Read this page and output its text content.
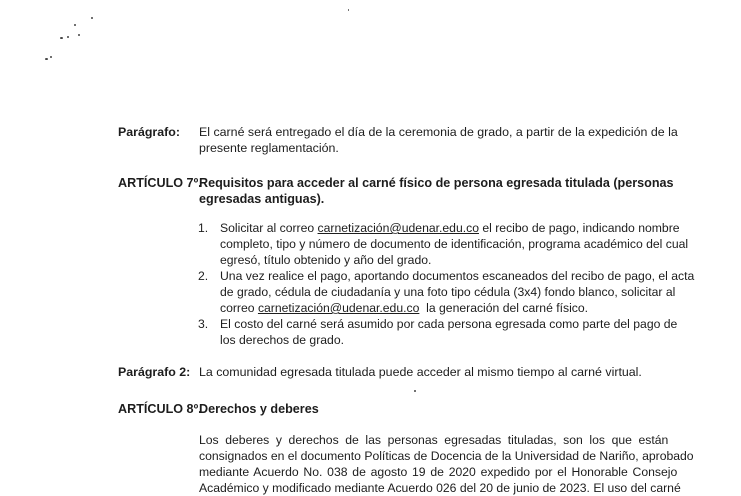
Parágrafo: El carné será entregado el día de la ceremonia de grado, a partir de la expedición de la
presente reglamentación.
ARTÍCULO 7º.
Requisitos para acceder al carné físico de persona egresada titulada (personas
egresadas antiguas).
1. Solicitar al correo carnetización@udenar.edu.co el recibo de pago, indicando nombre
completo, tipo y número de documento de identificación, programa académico del cual
egresó, título obtenido y año del grado.
2. Una vez realice el pago, aportando documentos escaneados del recibo de pago, el acta
de grado, cédula de ciudadanía y una foto tipo cédula (3x4) fondo blanco, solicitar al
correo carnetización@udenar.edu.co  la generación del carné físico.
3. El costo del carné será asumido por cada persona egresada como parte del pago de
los derechos de grado.
Parágrafo 2: La comunidad egresada titulada puede acceder al mismo tiempo al carné virtual.
ARTÍCULO 8º.
Derechos y deberes
Los deberes y derechos de las personas egresadas tituladas, son los que están
consignados en el documento Políticas de Docencia de la Universidad de Nariño, aprobado
mediante Acuerdo No. 038 de agosto 19 de 2020 expedido por el Honorable Consejo
Académico y modificado mediante Acuerdo 026 del 20 de junio de 2023. El uso del carné
